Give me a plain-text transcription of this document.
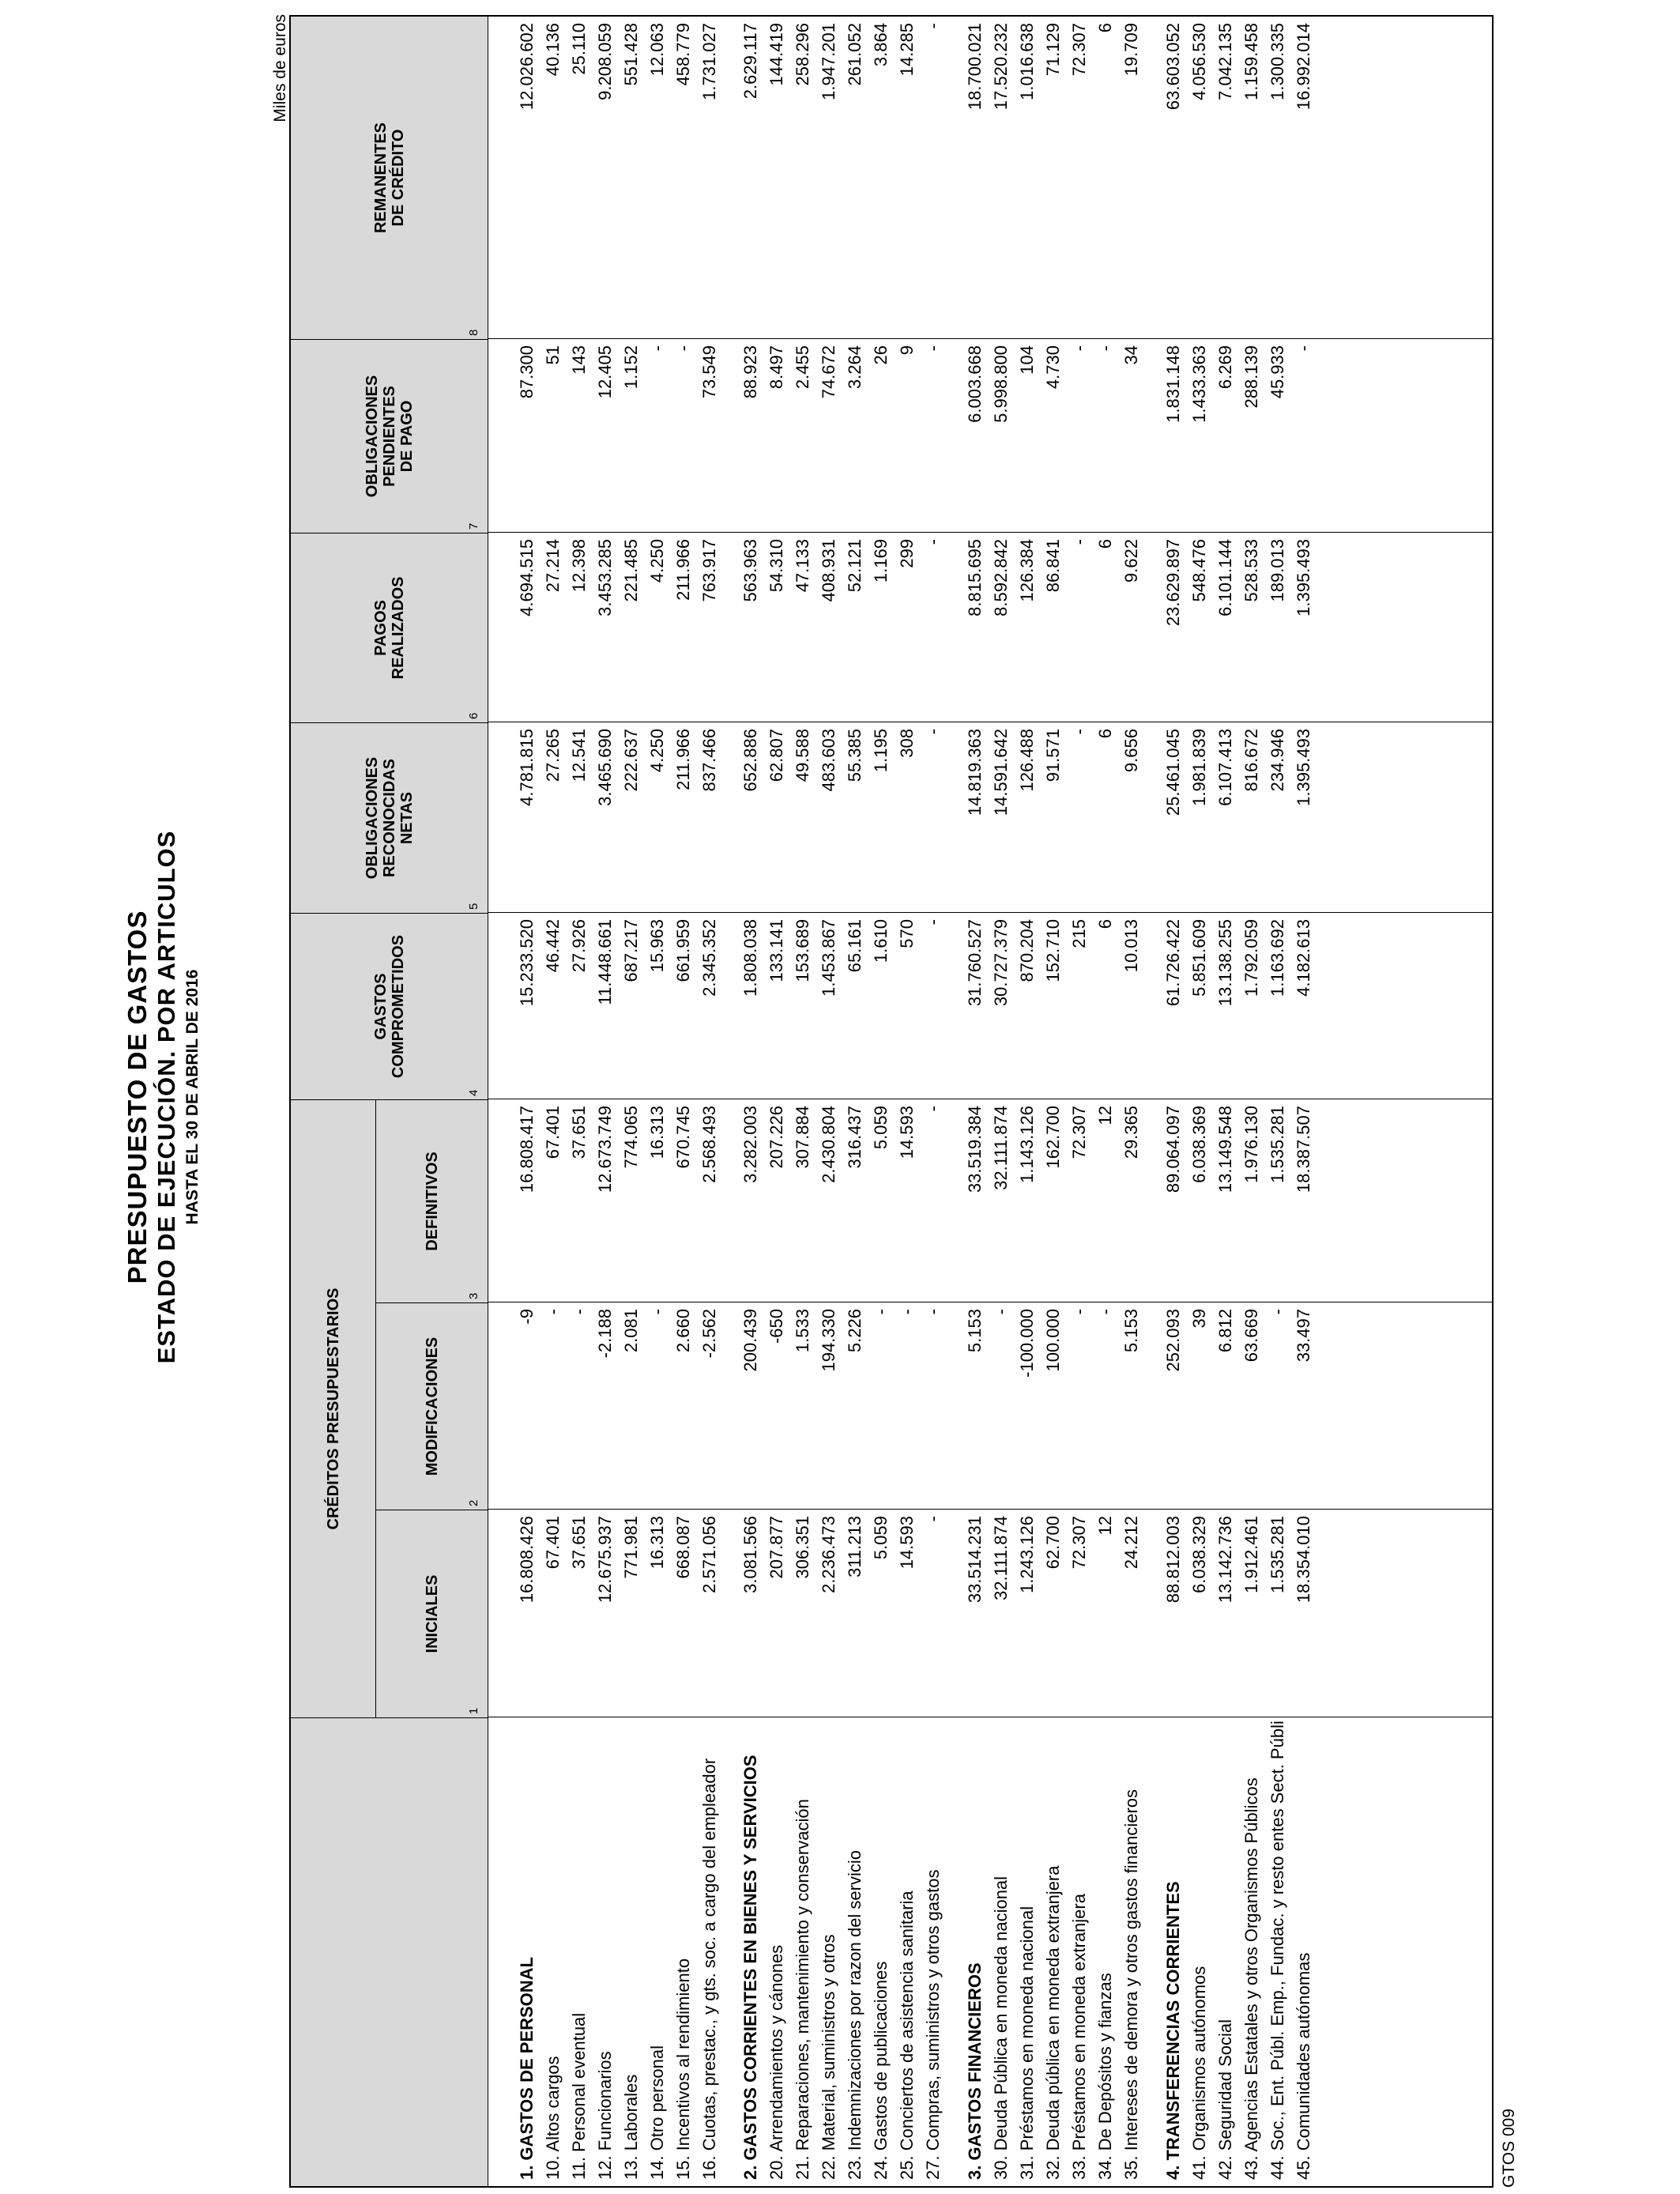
PRESUPUESTO DE GASTOS ESTADO DE EJECUCIÓN. POR ARTICULOS HASTA EL 30 DE ABRIL DE 2016
Miles de euros
CRÉDITOS PRESUPUESTARIOS
INICIALES
MODIFICACIONES
DEFINITIVOS
GASTOS
COMPROMETIDOS
OBLIGACIONES
RECONOCIDAS
NETAS
PAGOS
REALIZADOS
OBLIGACIONES
PENDIENTES
DE PAGO
REMANENTES
DE CRÉDITO
1
2
3
4
5
6
7
8
1. GASTOS DE PERSONAL
16.808.426
-9
16.808.417
15.233.520
4.781.815
4.694.515
87.300
12.026.602
10. Altos cargos
67.401
-
67.401
46.442
27.265
27.214
51
40.136
11. Personal eventual
37.651
-
37.651
27.926
12.541
12.398
143
25.110
12. Funcionarios
12.675.937
-2.188
12.673.749
11.448.661
3.465.690
3.453.285
12.405
9.208.059
13. Laborales
771.981
2.081
774.065
687.217
222.637
221.485
1.152
551.428
14. Otro personal
16.313
-
16.313
15.963
4.250
4.250
-
12.063
15. Incentivos al rendimiento
668.087
2.660
670.745
661.959
211.966
211.966
-
458.779
16. Cuotas, prestac., y gts. soc. a cargo del empleador
2.571.056
-2.562
2.568.493
2.345.352
837.466
763.917
73.549
1.731.027
2. GASTOS CORRIENTES EN BIENES Y SERVICIOS
3.081.566
200.439
3.282.003
1.808.038
652.886
563.963
88.923
2.629.117
20. Arrendamientos y cánones
207.877
-650
207.226
133.141
62.807
54.310
8.497
144.419
21. Reparaciones, mantenimiento y conservación
306.351
1.533
307.884
153.689
49.588
47.133
2.455
258.296
22. Material, suministros y otros
2.236.473
194.330
2.430.804
1.453.867
483.603
408.931
74.672
1.947.201
23. Indemnizaciones por razon del servicio
311.213
5.226
316.437
65.161
55.385
52.121
3.264
261.052
24. Gastos de publicaciones
5.059
-
5.059
1.610
1.195
1.169
26
3.864
25. Conciertos de asistencia sanitaria
14.593
-
14.593
570
308
299
9
14.285
27. Compras, suministros y otros gastos
-
-
-
-
-
-
-
-
3. GASTOS FINANCIEROS
33.514.231
5.153
33.519.384
31.760.527
14.819.363
8.815.695
6.003.668
18.700.021
30. Deuda Pública en moneda nacional
32.111.874
-
32.111.874
30.727.379
14.591.642
8.592.842
5.998.800
17.520.232
31. Préstamos en moneda nacional
1.243.126
-100.000
1.143.126
870.204
126.488
126.384
104
1.016.638
32. Deuda pública en moneda extranjera
62.700
100.000
162.700
152.710
91.571
86.841
4.730
71.129
33. Préstamos en moneda extranjera
72.307
-
72.307
215
-
-
-
72.307
34. De Depósitos y fianzas
12
-
12
6
6
6
-
6
35. Intereses de demora y otros gastos financieros
24.212
5.153
29.365
10.013
9.656
9.622
34
19.709
4. TRANSFERENCIAS CORRIENTES
88.812.003
252.093
89.064.097
61.726.422
25.461.045
23.629.897
1.831.148
63.603.052
41. Organismos autónomos
6.038.329
39
6.038.369
5.851.609
1.981.839
548.476
1.433.363
4.056.530
42. Seguridad Social
13.142.736
6.812
13.149.548
13.138.255
6.107.413
6.101.144
6.269
7.042.135
43. Agencias Estatales y otros Organismos Públicos
1.912.461
63.669
1.976.130
1.792.059
816.672
528.533
288.139
1.159.458
44. Soc., Ent. Públ. Emp., Fundac. y resto entes Sect. Públi
1.535.281
-
1.535.281
1.163.692
234.946
189.013
45.933
1.300.335
45. Comunidades autónomas
18.354.010
33.497
18.387.507
4.182.613
1.395.493
1.395.493
-
16.992.014
GTOS 009
